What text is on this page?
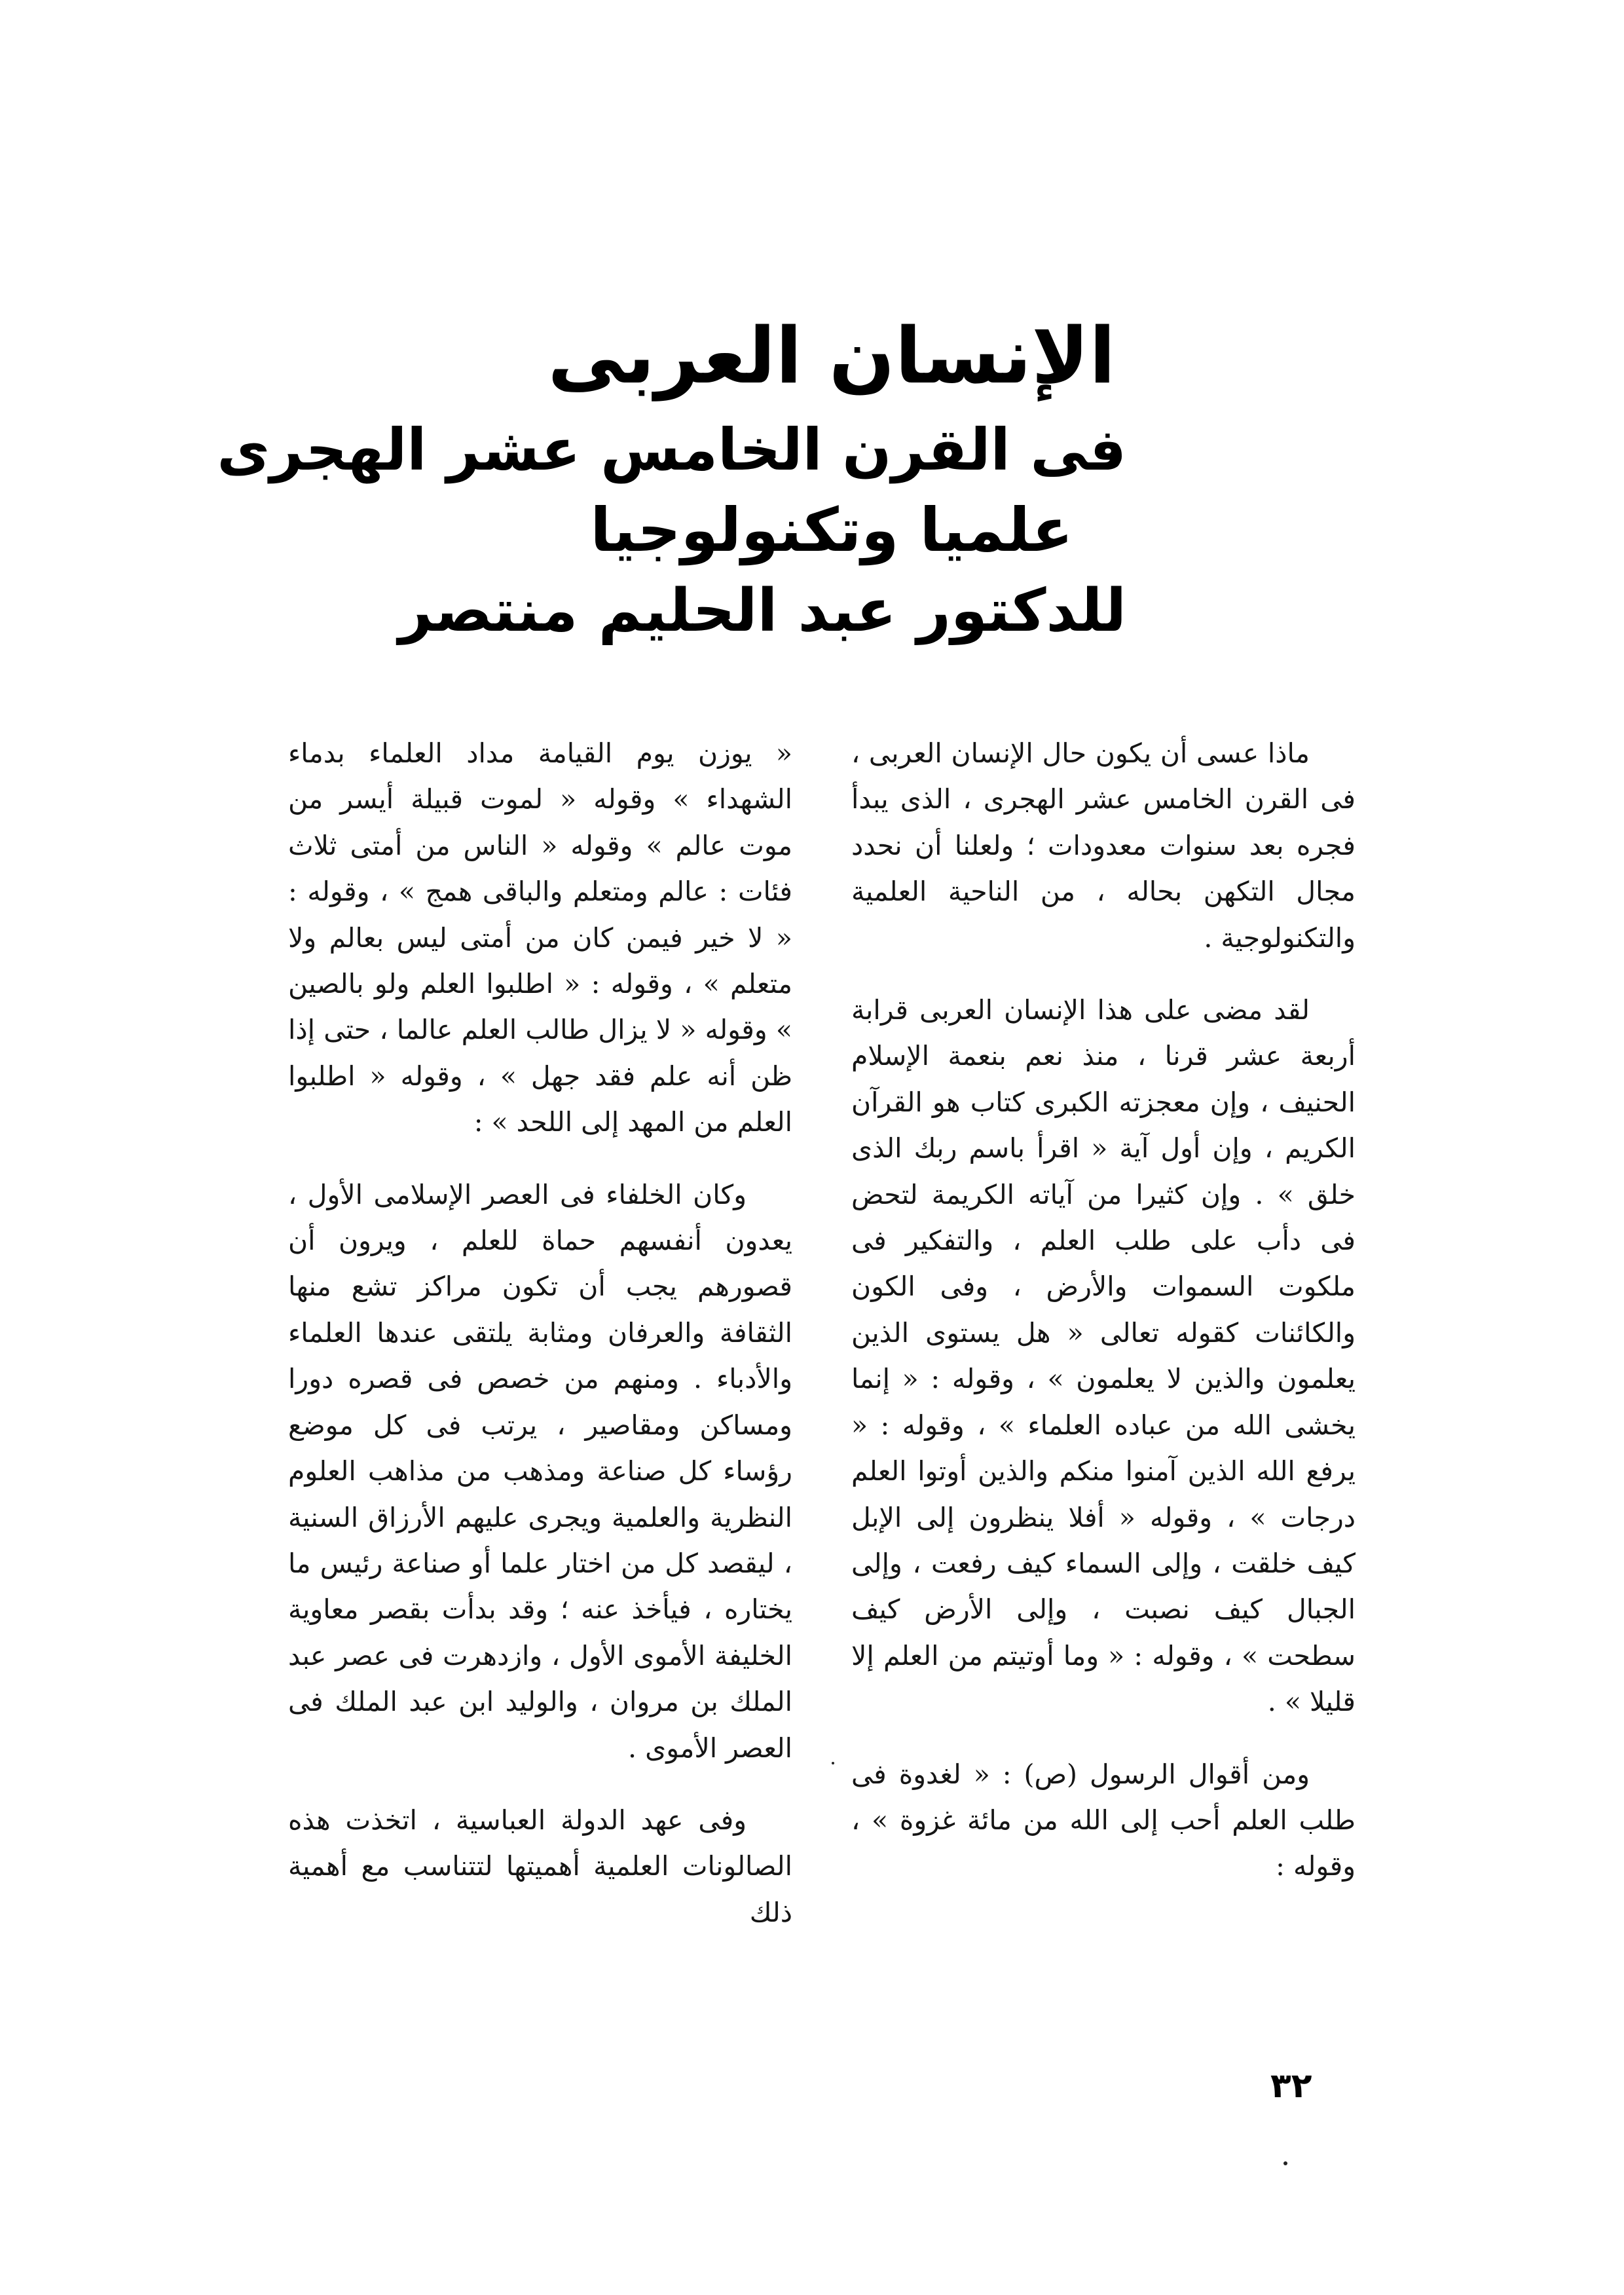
الإنسان العربى
فى القرن الخامس عشر الهجرى
علميا وتكنولوجيا
للدكتور عبد الحليم منتصر

ماذا عسى أن يكون حال الإنسان العربى ، فى القرن الخامس عشر الهجرى ، الذى يبدأ فجره بعد سنوات معدودات ؛ ولعلنا أن نحدد مجال التكهن بحاله ، من الناحية العلمية والتكنولوجية .

لقد مضى على هذا الإنسان العربى قرابة أربعة عشر قرنا ، منذ نعم بنعمة الإسلام الحنيف ، وإن معجزته الكبرى كتاب هو القرآن الكريم ، وإن أول آية « اقرأ باسم ربك الذى خلق » . وإن كثيرا من آياته الكريمة لتحض فى دأب على طلب العلم ، والتفكير فى ملكوت السموات والأرض ، وفى الكون والكائنات كقوله تعالى « هل يستوى الذين يعلمون والذين لا يعلمون » ، وقوله : « إنما يخشى الله من عباده العلماء » ، وقوله : « يرفع الله الذين آمنوا منكم والذين أوتوا العلم درجات » ، وقوله « أفلا ينظرون إلى الإبل كيف خلقت ، وإلى السماء كيف رفعت ، وإلى الجبال كيف نصبت ، وإلى الأرض كيف سطحت » ، وقوله : « وما أوتيتم من العلم إلا قليلا » .

ومن أقوال الرسول (ص) : « لغدوة فى طلب العلم أحب إلى الله من مائة غزوة » ، وقوله :

« يوزن يوم القيامة مداد العلماء بدماء الشهداء » وقوله « لموت قبيلة أيسر من موت عالم » وقوله « الناس من أمتى ثلاث فئات : عالم ومتعلم والباقى همج » ، وقوله : « لا خير فيمن كان من أمتى ليس بعالم ولا متعلم » ، وقوله : « اطلبوا العلم ولو بالصين » وقوله « لا يزال طالب العلم عالما ، حتى إذا ظن أنه علم فقد جهل » ، وقوله « اطلبوا العلم من المهد إلى اللحد » :

وكان الخلفاء فى العصر الإسلامى الأول ، يعدون أنفسهم حماة للعلم ، ويرون أن قصورهم يجب أن تكون مراكز تشع منها الثقافة والعرفان ومثابة يلتقى عندها العلماء والأدباء . ومنهم من خصص فى قصره دورا ومساكن ومقاصير ، يرتب فى كل موضع رؤساء كل صناعة ومذهب من مذاهب العلوم النظرية والعلمية ويجرى عليهم الأرزاق السنية ، ليقصد كل من اختار علما أو صناعة رئيس ما يختاره ، فيأخذ عنه ؛ وقد بدأت بقصر معاوية الخليفة الأموى الأول ، وازدهرت فى عصر عبد الملك بن مروان ، والوليد ابن عبد الملك فى العصر الأموى .

وفى عهد الدولة العباسية ، اتخذت هذه الصالونات العلمية أهميتها لتتناسب مع أهمية ذلك

٣٢
